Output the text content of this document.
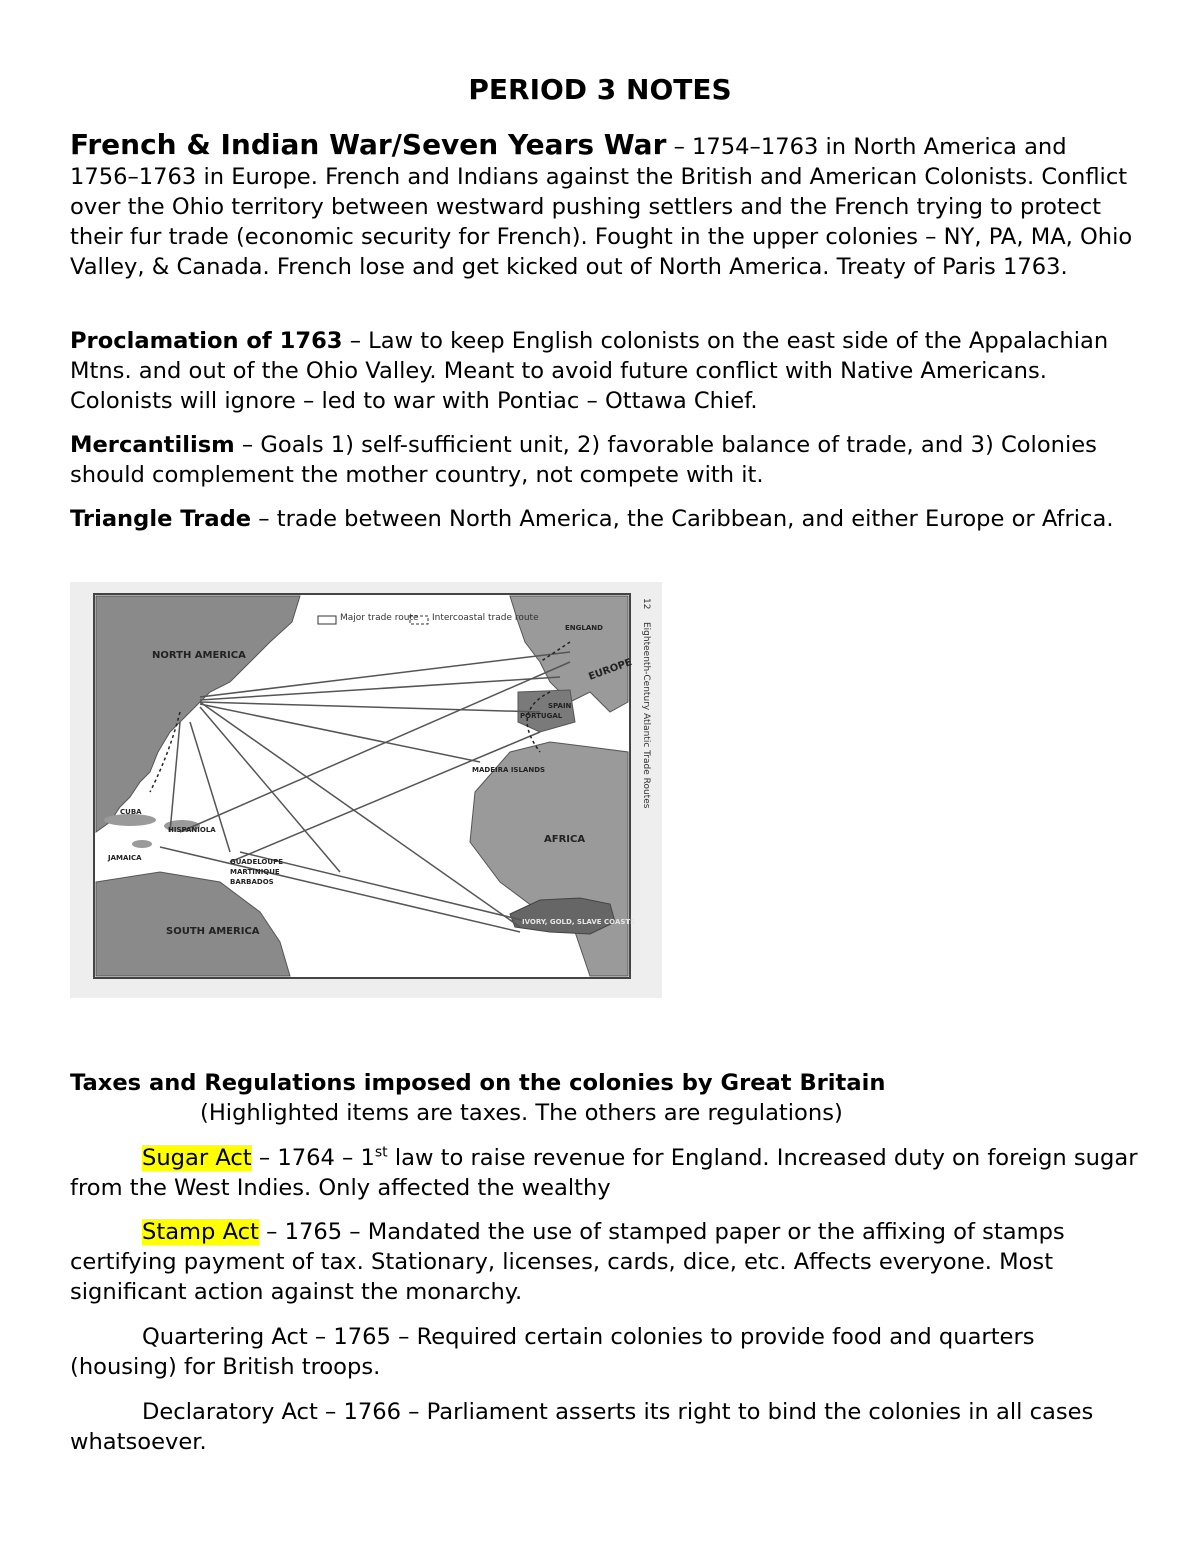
PERIOD 3 NOTES

French & Indian War/Seven Years War – 1754–1763 in North America and 1756–1763 in Europe. French and Indians against the British and American Colonists. Conflict over the Ohio territory between westward pushing settlers and the French trying to protect their fur trade (economic security for French). Fought in the upper colonies – NY, PA, MA, Ohio Valley, & Canada. French lose and get kicked out of North America. Treaty of Paris 1763.

Proclamation of 1763 – Law to keep English colonists on the east side of the Appalachian Mtns. and out of the Ohio Valley. Meant to avoid future conflict with Native Americans. Colonists will ignore – led to war with Pontiac – Ottawa Chief.

Mercantilism – Goals 1) self-sufficient unit, 2) favorable balance of trade, and 3) Colonies should complement the mother country, not compete with it.

Triangle Trade – trade between North America, the Caribbean, and either Europe or Africa.

Major trade route Intercoastal trade route
NORTH AMERICA
SOUTH AMERICA
AFRICA
EUROPE
ENGLAND
SPAIN
PORTUGAL
MADEIRA ISLANDS
CUBA
HISPANIOLA
JAMAICA	GUADELOUPE
MARTINIQUE
BARBADOS
IVORY, GOLD, SLAVE COASTS
Eighteenth-Century Atlantic Trade Routes
12

Taxes and Regulations imposed on the colonies by Great Britain
(Highlighted items are taxes. The others are regulations)

Sugar Act – 1764 – 1st law to raise revenue for England. Increased duty on foreign sugar from the West Indies. Only affected the wealthy

Stamp Act – 1765 – Mandated the use of stamped paper or the affixing of stamps certifying payment of tax. Stationary, licenses, cards, dice, etc. Affects everyone. Most significant action against the monarchy.

Quartering Act – 1765 – Required certain colonies to provide food and quarters (housing) for British troops.

Declaratory Act – 1766 – Parliament asserts its right to bind the colonies in all cases whatsoever.
